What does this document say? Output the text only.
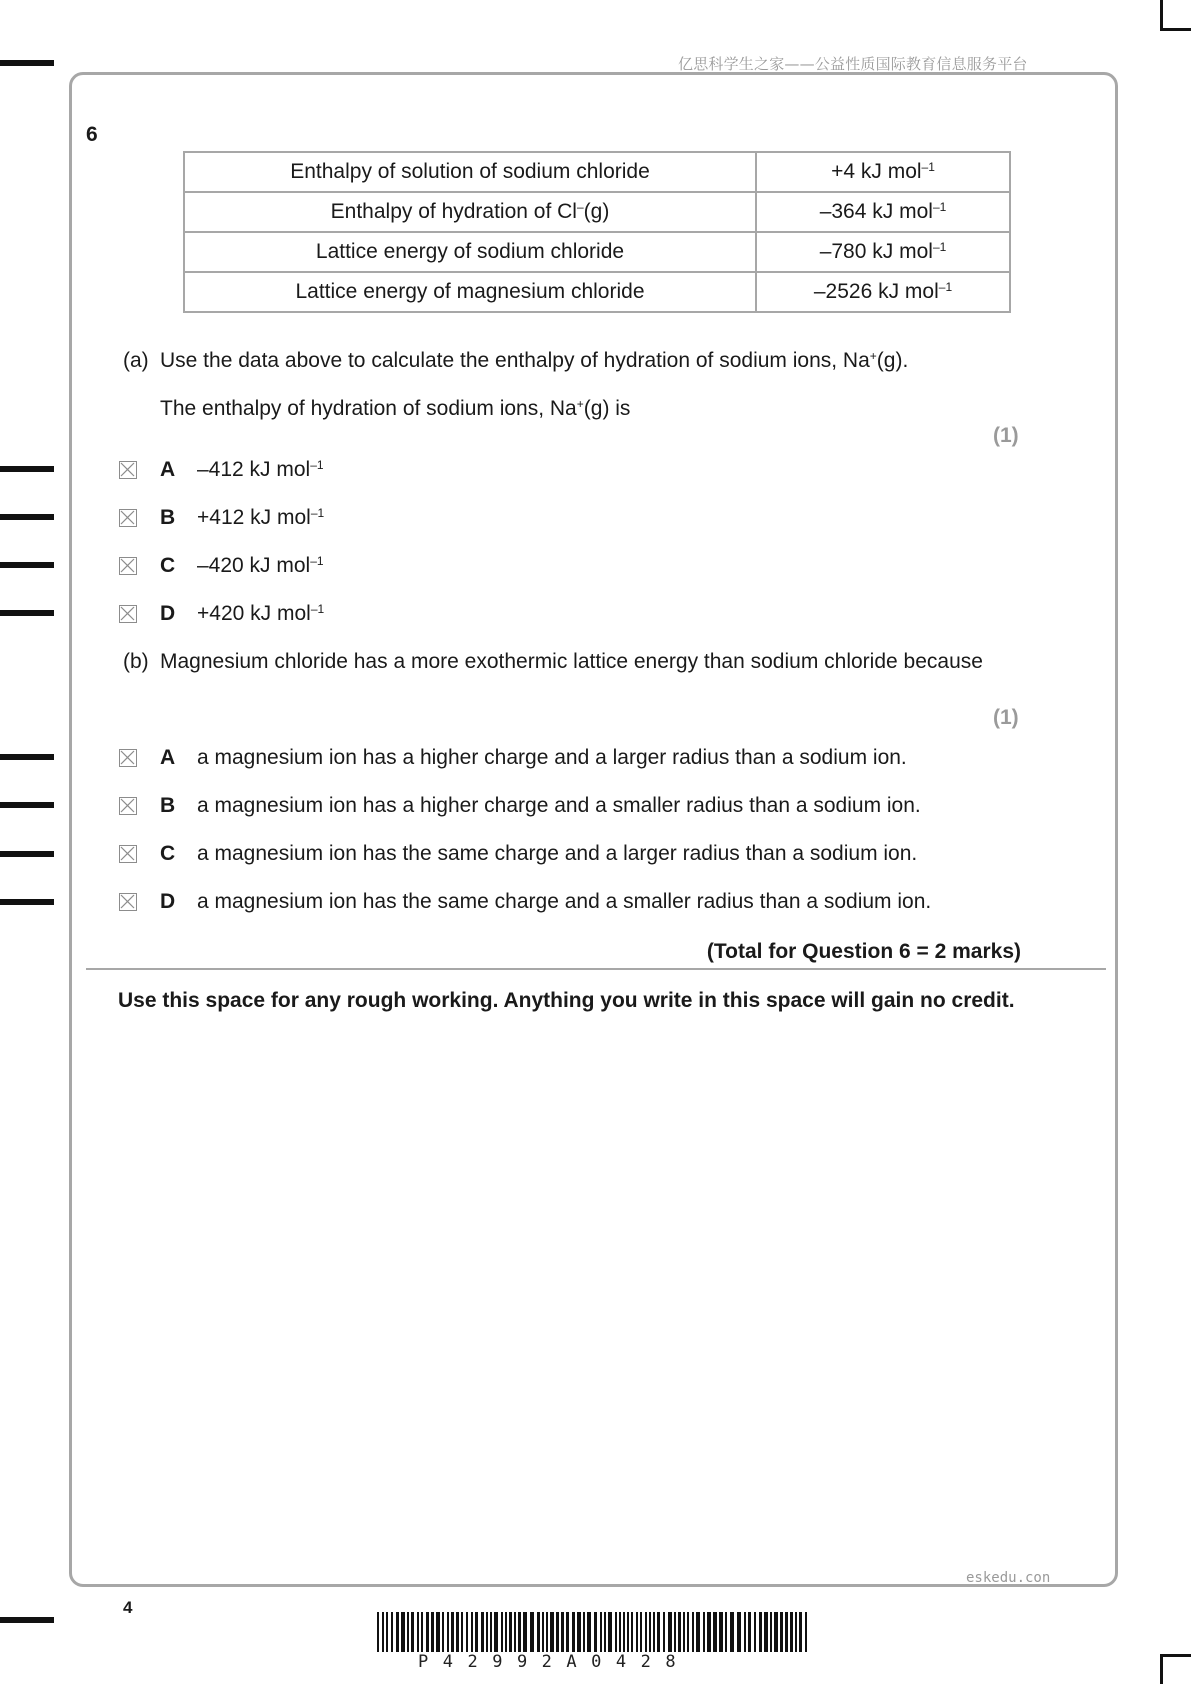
亿思科学生之家——公益性质国际教育信息服务平台
6
Enthalpy of solution of sodium chloride	+4 kJ mol$^{-1}$
Enthalpy of hydration of Cl–(g)	–364 kJ mol$^{-1}$
Lattice energy of sodium chloride	–780 kJ mol$^{-1}$
Lattice energy of magnesium chloride	–2526 kJ mol$^{-1}$
(a) Use the data above to calculate the enthalpy of hydration of sodium ions, Na+(g).
The enthalpy of hydration of sodium ions, Na+(g) is
(1)
A –412 kJ mol$^{-1}$
B +412 kJ mol$^{-1}$
C –420 kJ mol$^{-1}$
D +420 kJ mol$^{-1}$
(b) Magnesium chloride has a more exothermic lattice energy than sodium chloride because
(1)
A a magnesium ion has a higher charge and a larger radius than a sodium ion.
B a magnesium ion has a higher charge and a smaller radius than a sodium ion.
C a magnesium ion has the same charge and a larger radius than a sodium ion.
D a magnesium ion has the same charge and a smaller radius than a sodium ion.
(Total for Question 6 = 2 marks)
Use this space for any rough working. Anything you write in this space will gain no credit.
eskedu.con
4
P42992A0428
